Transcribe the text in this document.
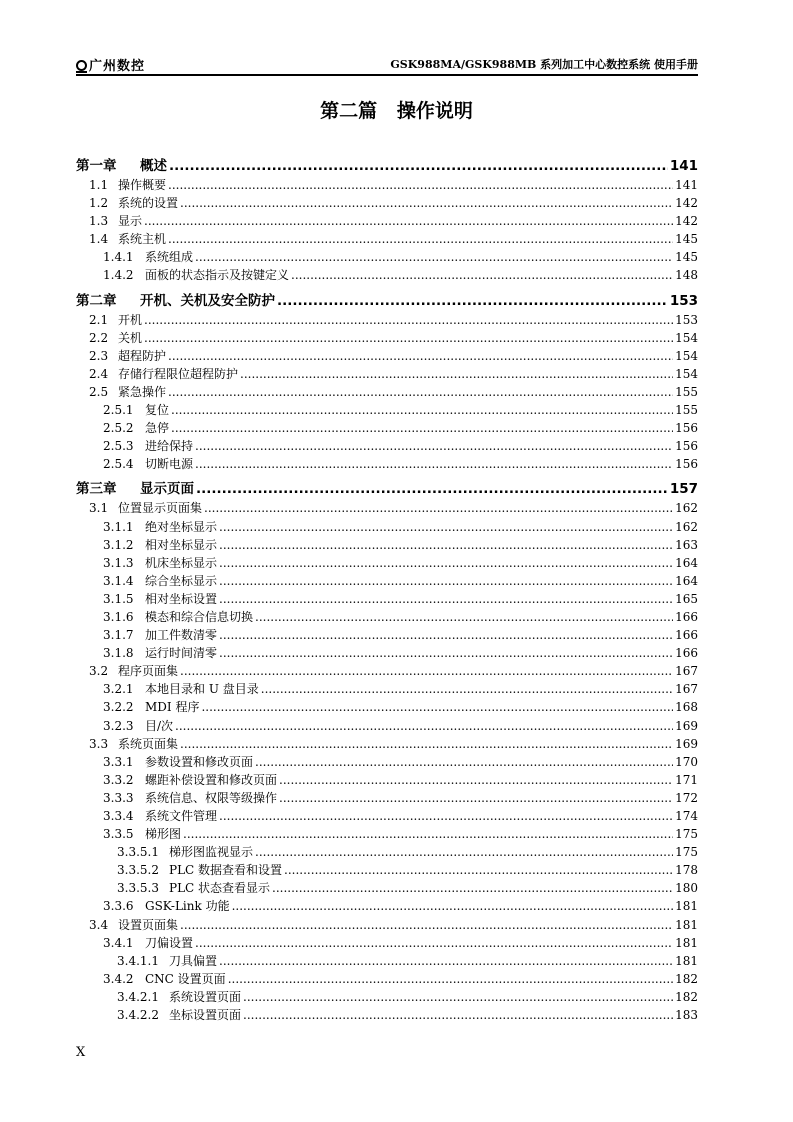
广州数控	GSK988MA/GSK988MB 系列加工中心数控系统 使用手册
第二篇   操作说明
第一章	概述 .....	141
1.1 操作概要 .....	141
1.2 系统的设置 .....	142
1.3 显示 .....	142
1.4 系统主机 .....	145
1.4.1 系统组成 .....	145
1.4.2 面板的状态指示及按键定义 .....	148
第二章	开机、关机及安全防护 .....	153
2.1 开机 .....	153
2.2 关机 .....	154
2.3 超程防护 .....	154
2.4 存储行程限位超程防护 .....	154
2.5 紧急操作 .....	155
2.5.1 复位 .....	155
2.5.2 急停 .....	156
2.5.3 进给保持 .....	156
2.5.4 切断电源 .....	156
第三章	显示页面 .....	157
3.1 位置显示页面集 .....	162
3.1.1 绝对坐标显示 .....	162
3.1.2 相对坐标显示 .....	163
3.1.3 机床坐标显示 .....	164
3.1.4 综合坐标显示 .....	164
3.1.5 相对坐标设置 .....	165
3.1.6 模态和综合信息切换 .....	166
3.1.7 加工件数清零 .....	166
3.1.8 运行时间清零 .....	166
3.2 程序页面集 .....	167
3.2.1 本地目录和 U 盘目录 .....	167
3.2.2 MDI 程序 .....	168
3.2.3 目/次 .....	169
3.3 系统页面集 .....	169
3.3.1 参数设置和修改页面 .....	170
3.3.2 螺距补偿设置和修改页面 .....	171
3.3.3 系统信息、权限等级操作 .....	172
3.3.4 系统文件管理 .....	174
3.3.5 梯形图 .....	175
3.3.5.1 梯形图监视显示 .....	175
3.3.5.2 PLC 数据查看和设置 .....	178
3.3.5.3 PLC 状态查看显示 .....	180
3.3.6 GSK-Link 功能 .....	181
3.4 设置页面集 .....	181
3.4.1 刀偏设置 .....	181
3.4.1.1 刀具偏置 .....	181
3.4.2 CNC 设置页面 .....	182
3.4.2.1 系统设置页面 .....	182
3.4.2.2 坐标设置页面 .....	183
X
